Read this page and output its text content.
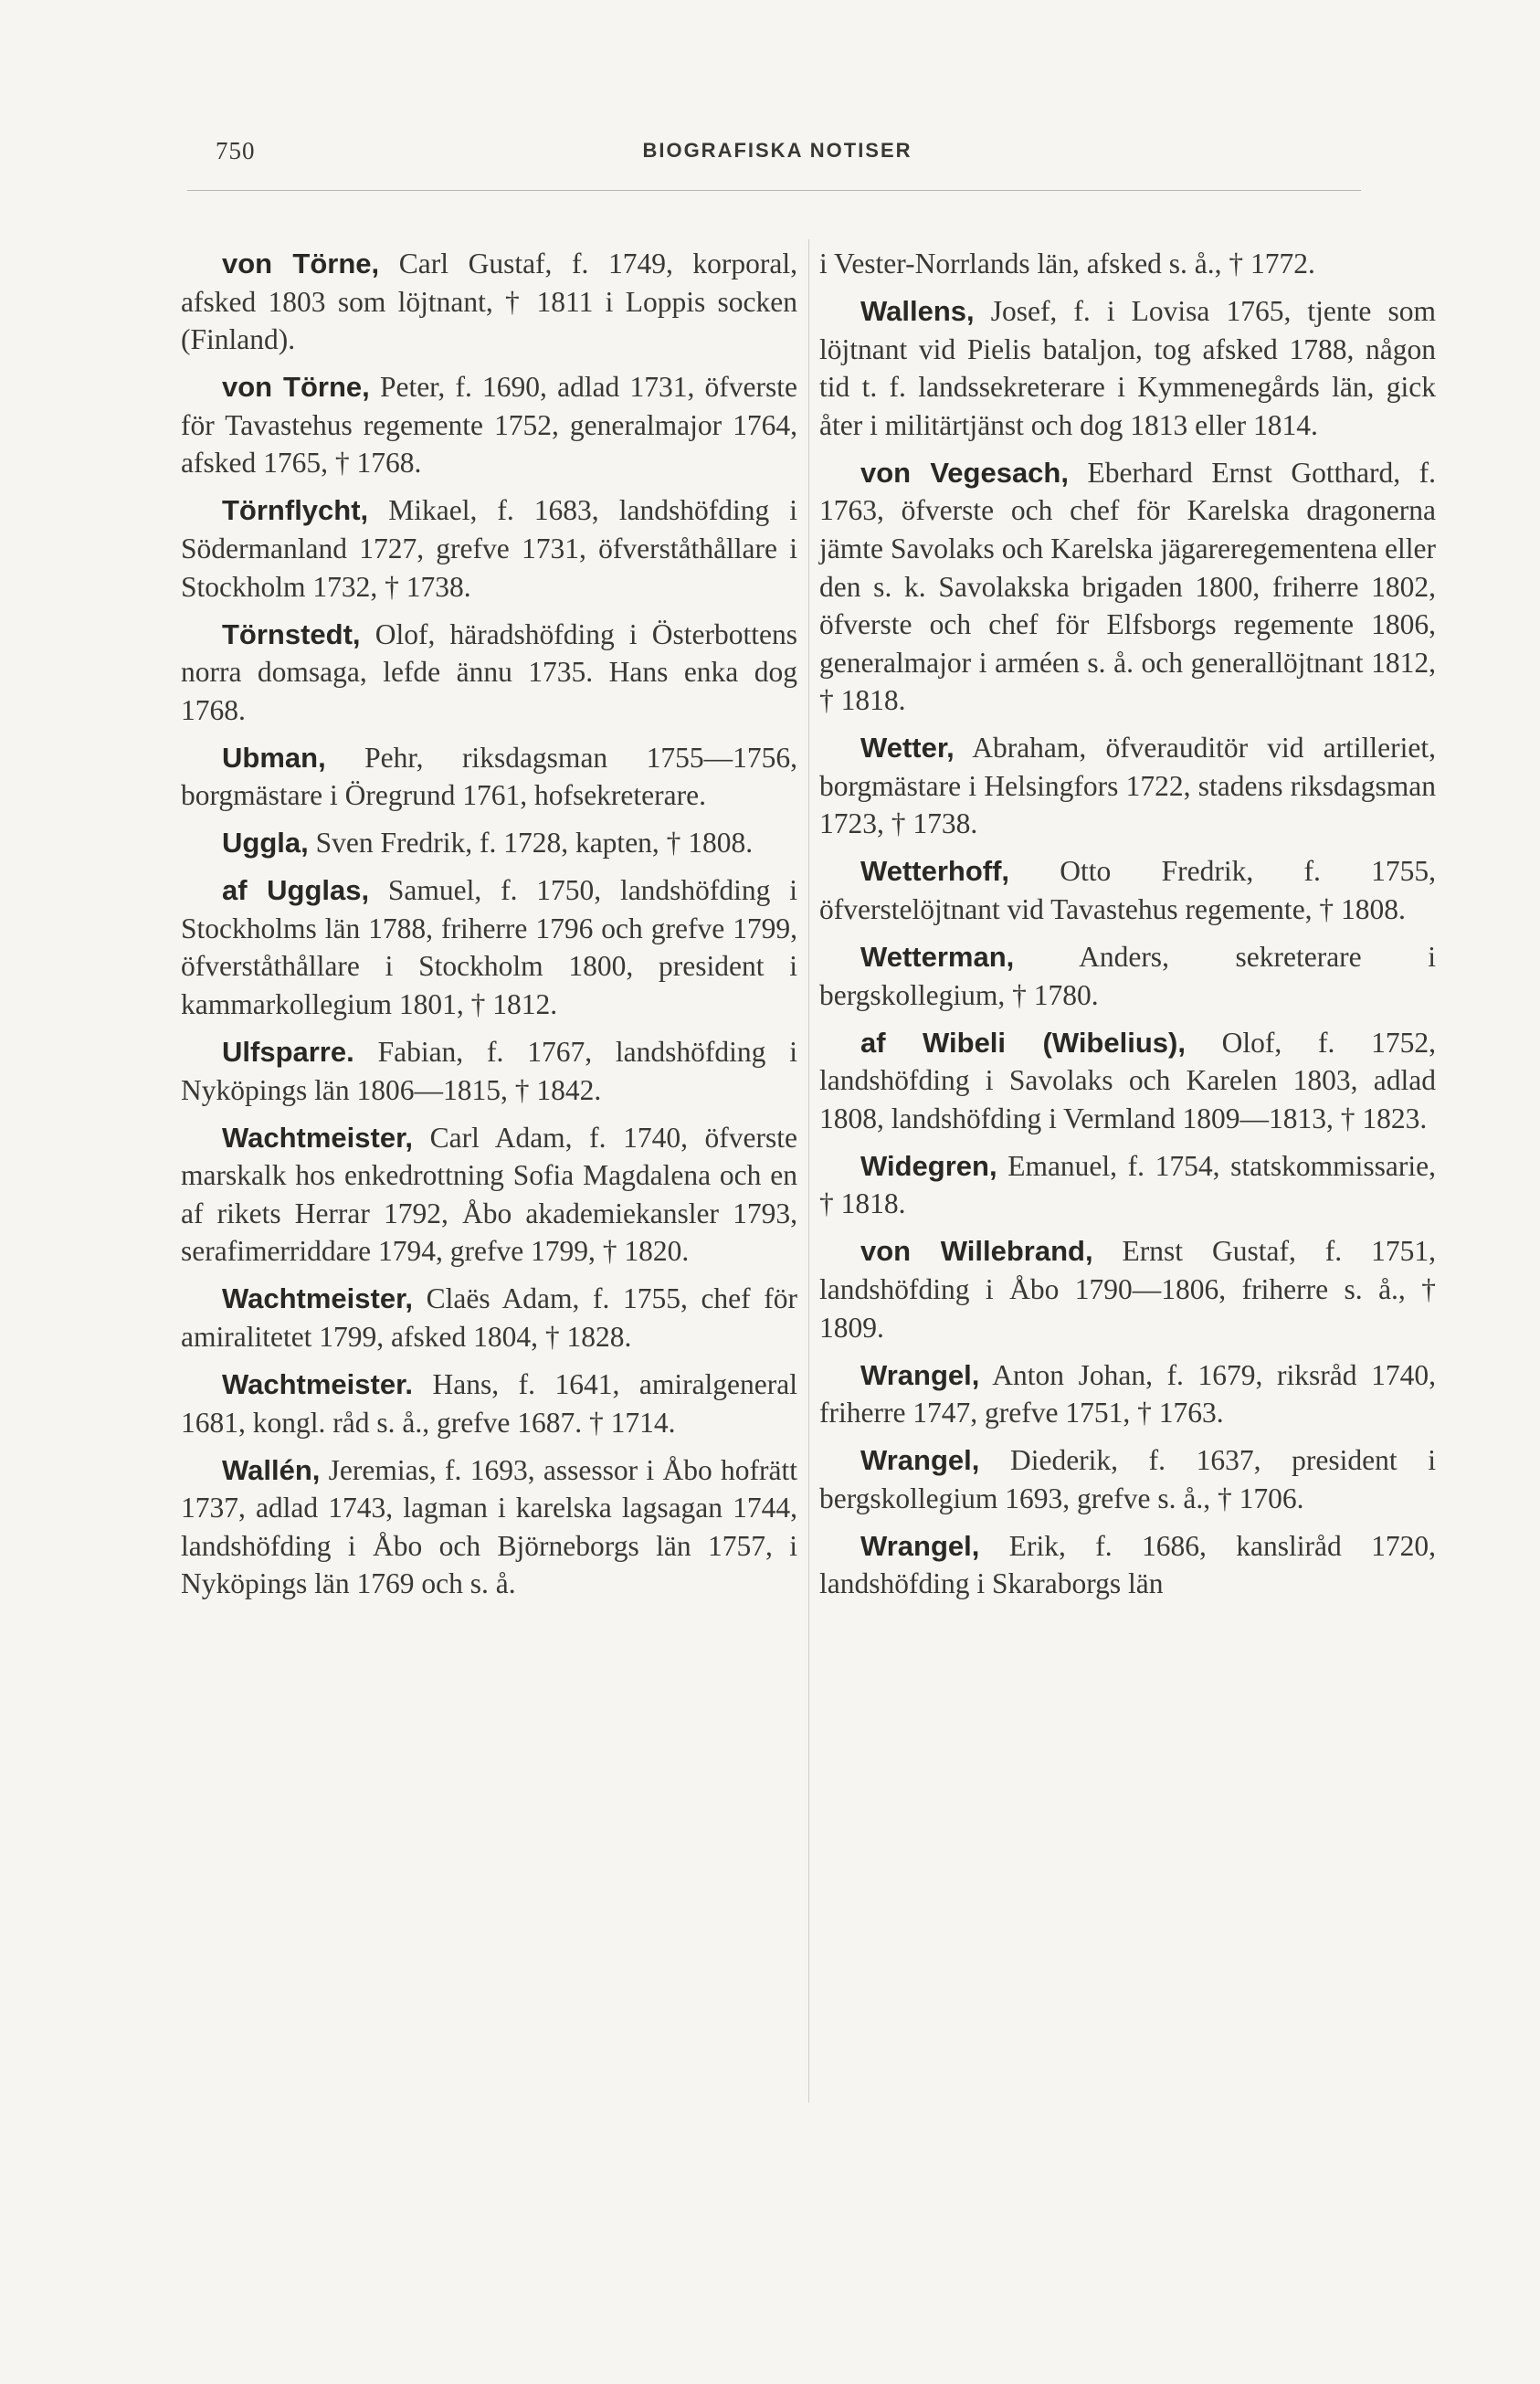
750	BIOGRAFISKA NOTISER

von Törne, Carl Gustaf, f. 1749, korporal, afsked 1803 som löjtnant, † 1811 i Loppis socken (Finland).

von Törne, Peter, f. 1690, adlad 1731, öfverste för Tavastehus regemente 1752, generalmajor 1764, afsked 1765, † 1768.

Törnflycht, Mikael, f. 1683, landshöfding i Södermanland 1727, grefve 1731, öfverståthållare i Stockholm 1732, † 1738.

Törnstedt, Olof, häradshöfding i Österbottens norra domsaga, lefde ännu 1735. Hans enka dog 1768.

Ubman, Pehr, riksdagsman 1755—1756, borgmästare i Öregrund 1761, hofsekreterare.

Uggla, Sven Fredrik, f. 1728, kapten, † 1808.

af Ugglas, Samuel, f. 1750, landshöfding i Stockholms län 1788, friherre 1796 och grefve 1799, öfverståthållare i Stockholm 1800, president i kammarkollegium 1801, † 1812.

Ulfsparre. Fabian, f. 1767, landshöfding i Nyköpings län 1806—1815, † 1842.

Wachtmeister, Carl Adam, f. 1740, öfverste marskalk hos enkedrottning Sofia Magdalena och en af rikets Herrar 1792, Åbo akademiekansler 1793, serafimerriddare 1794, grefve 1799, † 1820.

Wachtmeister, Claës Adam, f. 1755, chef för amiralitetet 1799, afsked 1804, † 1828.

Wachtmeister. Hans, f. 1641, amiralgeneral 1681, kongl. råd s. å., grefve 1687. † 1714.

Wallén, Jeremias, f. 1693, assessor i Åbo hofrätt 1737, adlad 1743, lagman i karelska lagsagan 1744, landshöfding i Åbo och Björneborgs län 1757, i Nyköpings län 1769 och s. å.

i Vester-Norrlands län, afsked s. å., † 1772.

Wallens, Josef, f. i Lovisa 1765, tjente som löjtnant vid Pielis bataljon, tog afsked 1788, någon tid t. f. landssekreterare i Kymmenegårds län, gick åter i militärtjänst och dog 1813 eller 1814.

von Vegesach, Eberhard Ernst Gotthard, f. 1763, öfverste och chef för Karelska dragonerna jämte Savolaks och Karelska jägareregementena eller den s. k. Savolakska brigaden 1800, friherre 1802, öfverste och chef för Elfsborgs regemente 1806, generalmajor i arméen s. å. och generallöjtnant 1812, † 1818.

Wetter, Abraham, öfverauditör vid artilleriet, borgmästare i Helsingfors 1722, stadens riksdagsman 1723, † 1738.

Wetterhoff, Otto Fredrik, f. 1755, öfverstelöjtnant vid Tavastehus regemente, † 1808.

Wetterman, Anders, sekreterare i bergskollegium, † 1780.

af Wibeli (Wibelius), Olof, f. 1752, landshöfding i Savolaks och Karelen 1803, adlad 1808, landshöfding i Vermland 1809—1813, † 1823.

Widegren, Emanuel, f. 1754, statskommissarie, † 1818.

von Willebrand, Ernst Gustaf, f. 1751, landshöfding i Åbo 1790—1806, friherre s. å., † 1809.

Wrangel, Anton Johan, f. 1679, riksråd 1740, friherre 1747, grefve 1751, † 1763.

Wrangel, Diederik, f. 1637, president i bergskollegium 1693, grefve s. å., † 1706.

Wrangel, Erik, f. 1686, kansliråd 1720, landshöfding i Skaraborgs län
